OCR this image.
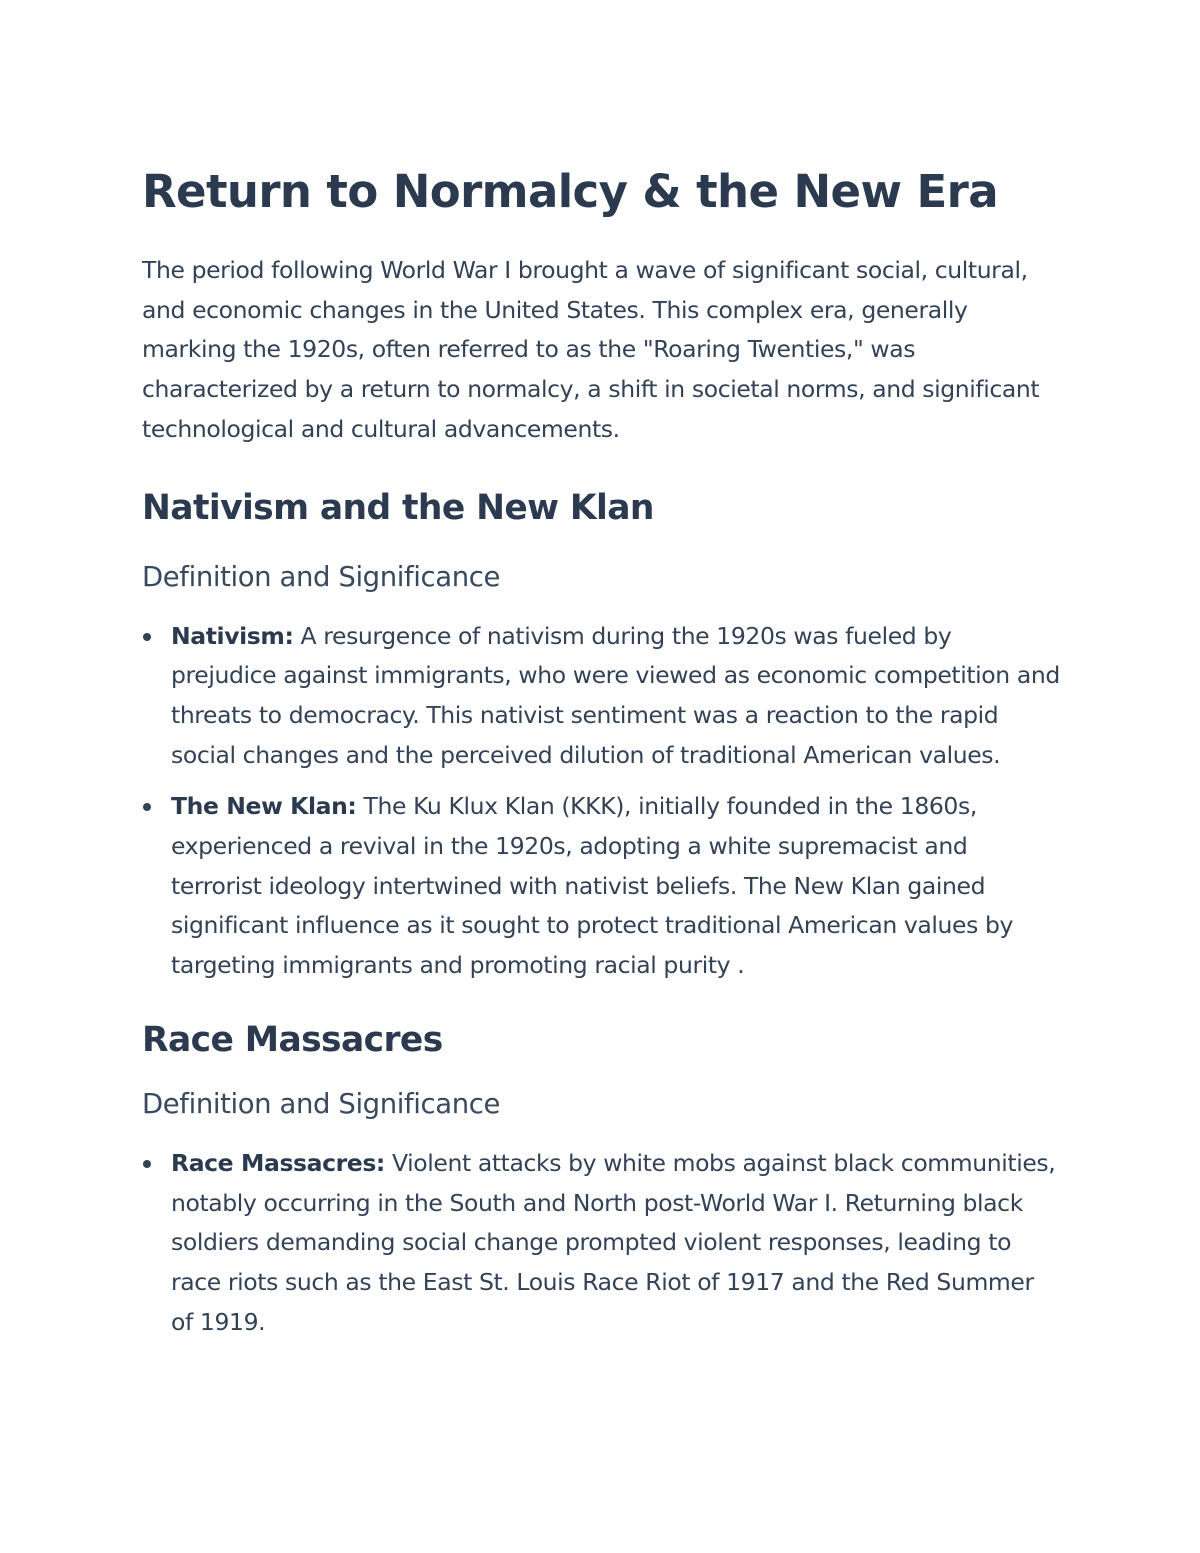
Return to Normalcy & the New Era

The period following World War I brought a wave of significant social, cultural, and economic changes in the United States. This complex era, generally marking the 1920s, often referred to as the "Roaring Twenties," was characterized by a return to normalcy, a shift in societal norms, and significant technological and cultural advancements.

Nativism and the New Klan
Definition and Significance
Nativism: A resurgence of nativism during the 1920s was fueled by prejudice against immigrants, who were viewed as economic competition and threats to democracy. This nativist sentiment was a reaction to the rapid social changes and the perceived dilution of traditional American values.
The New Klan: The Ku Klux Klan (KKK), initially founded in the 1860s, experienced a revival in the 1920s, adopting a white supremacist and terrorist ideology intertwined with nativist beliefs. The New Klan gained significant influence as it sought to protect traditional American values by targeting immigrants and promoting racial purity .
Race Massacres
Definition and Significance
Race Massacres: Violent attacks by white mobs against black communities, notably occurring in the South and North post-World War I. Returning black soldiers demanding social change prompted violent responses, leading to race riots such as the East St. Louis Race Riot of 1917 and the Red Summer of 1919.
